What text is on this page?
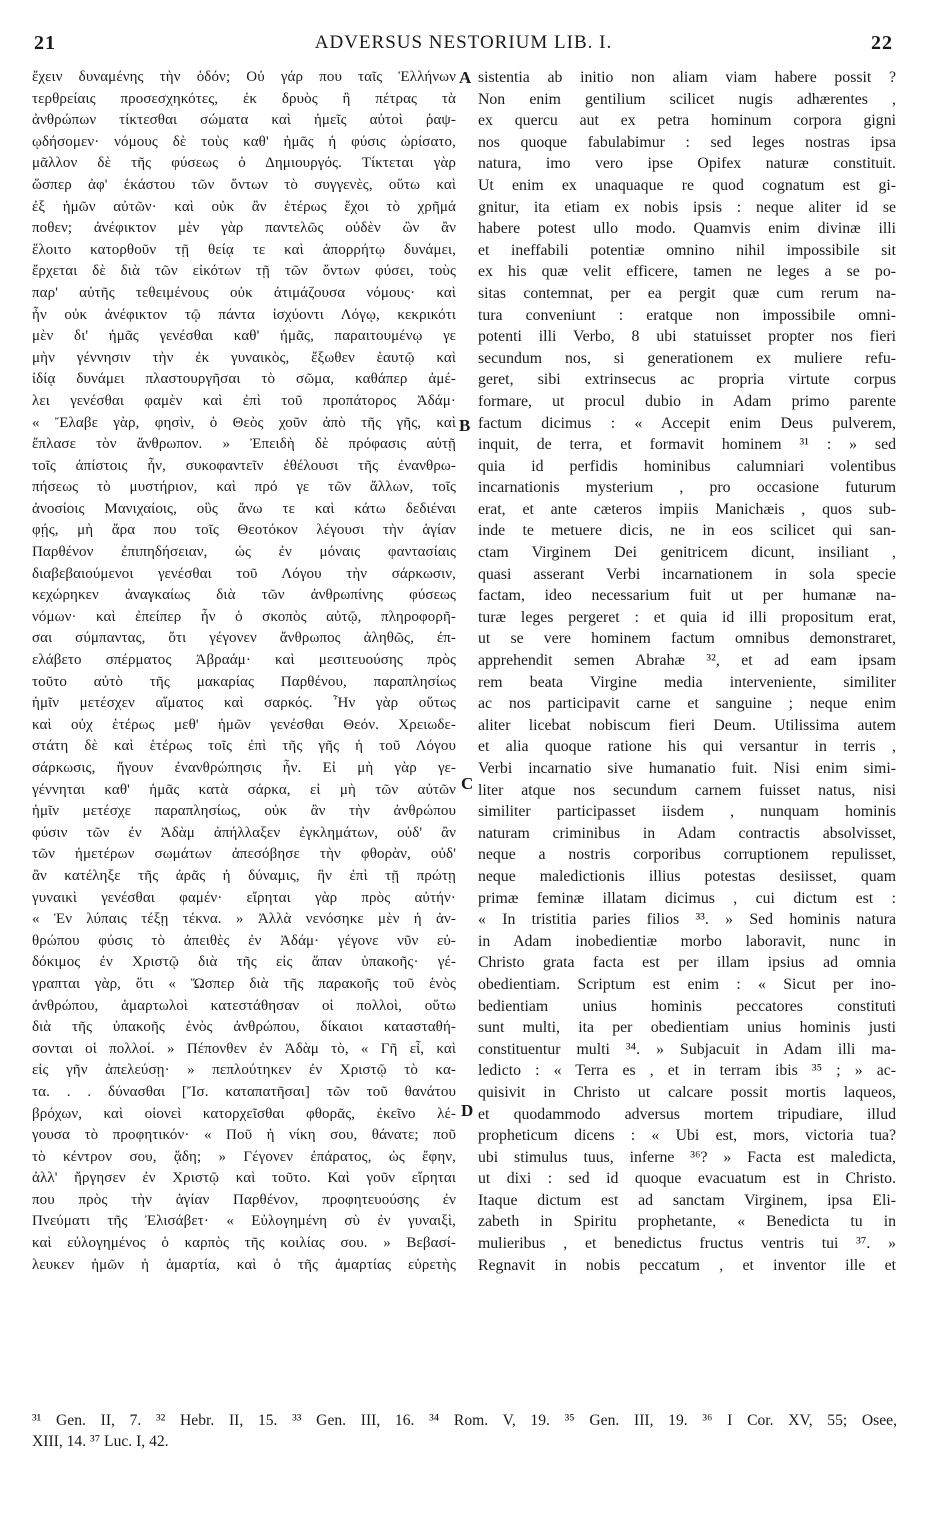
21	ADVERSUS NESTORIUM LIB. I.	22
ἔχειν δυναμένης τὴν ὁδόν; Οὐ γάρ που ταῖς Ἑλλήνων
τερθρείαις προσεσχηκότες, ἐκ δρυὸς ἢ πέτρας τὰ
ἀνθρώπων τίκτεσθαι σώματα καὶ ἡμεῖς αὐτοὶ ῥαψ-
ῳδήσομεν· νόμους δὲ τοὺς καθ' ἡμᾶς ἡ φύσις ὡρίσατο,
μᾶλλον δὲ τῆς φύσεως ὁ Δημιουργός. Τίκτεται γὰρ
ὥσπερ ἀφ' ἑκάστου τῶν ὄντων τὸ συγγενὲς, οὕτω καὶ
ἐξ ἡμῶν αὐτῶν· καὶ οὐκ ἂν ἑτέρως ἔχοι τὸ χρῆμά
ποθεν; ἀνέφικτον μὲν γὰρ παντελῶς οὐδὲν ὢν ἂν
ἕλοιτο κατορθοῦν τῇ θείᾳ τε καὶ ἀπορρήτῳ δυνάμει,
ἔρχεται δὲ διὰ τῶν εἰκότων τῇ τῶν ὄντων φύσει, τοὺς
παρ' αὐτῆς τεθειμένους οὐκ ἀτιμάζουσα νόμους· καὶ
ἦν οὐκ ἀνέφικτον τῷ πάντα ἰσχύοντι Λόγῳ, κεκρικότι
μὲν δι' ἡμᾶς γενέσθαι καθ' ἡμᾶς, παραιτουμένῳ γε
μὴν γέννησιν τὴν ἐκ γυναικὸς, ἔξωθεν ἑαυτῷ καὶ
ἰδίᾳ δυνάμει πλαστουργῆσαι τὸ σῶμα, καθάπερ ἀμέ-
λει γενέσθαι φαμὲν καὶ ἐπὶ τοῦ προπάτορος Ἀδάμ·
« Ἔλαβε γὰρ, φησὶν, ὁ Θεὸς χοῦν ἀπὸ τῆς γῆς, καὶ
ἔπλασε τὸν ἄνθρωπον. » Ἐπειδὴ δὲ πρόφασις αὐτῇ
τοῖς ἀπίστοις ἦν, συκοφαντεῖν ἐθέλουσι τῆς ἐνανθρω-
πήσεως τὸ μυστήριον, καὶ πρό γε τῶν ἄλλων, τοῖς
ἀνοσίοις Μανιχαίοις, οὓς ἄνω τε καὶ κάτω δεδιέναι
φῄς, μὴ ἄρα που τοῖς Θεοτόκον λέγουσι τὴν ἁγίαν
Παρθένον ἐπιπηδήσειαν, ὡς ἐν μόναις φαντασίαις
διαβεβαιούμενοι γενέσθαι τοῦ Λόγου τὴν σάρκωσιν,
κεχώρηκεν ἀναγκαίως διὰ τῶν ἀνθρωπίνης φύσεως
νόμων· καὶ ἐπείπερ ἦν ὁ σκοπὸς αὐτῷ, πληροφορῆ-
σαι σύμπαντας, ὅτι γέγονεν ἄνθρωπος ἀληθῶς, ἐπ-
ελάβετο σπέρματος Ἀβραάμ· καὶ μεσιτευούσης πρὸς
τοῦτο αὐτὸ τῆς μακαρίας Παρθένου, παραπλησίως
ἡμῖν μετέσχεν αἵματος καὶ σαρκός. Ἦν γὰρ οὕτως
καὶ οὐχ ἑτέρως μεθ' ἡμῶν γενέσθαι Θεόν. Χρειωδε-
στάτη δὲ καὶ ἑτέρως τοῖς ἐπὶ τῆς γῆς ἡ τοῦ Λόγου
σάρκωσις, ἤγουν ἐνανθρώπησις ἦν. Εἰ μὴ γὰρ γε-
γέννηται καθ' ἡμᾶς κατὰ σάρκα, εἰ μὴ τῶν αὐτῶν
ἡμῖν μετέσχε παραπλησίως, οὐκ ἂν τὴν ἀνθρώπου
φύσιν τῶν ἐν Ἀδὰμ ἀπήλλαξεν ἐγκλημάτων, οὐδ' ἂν
τῶν ἡμετέρων σωμάτων ἀπεσόβησε τὴν φθορὰν, οὐδ'
ἂν κατέληξε τῆς ἀρᾶς ἡ δύναμις, ἣν ἐπὶ τῇ πρώτῃ
γυναικὶ γενέσθαι φαμέν· εἴρηται γὰρ πρὸς αὐτήν·
« Ἐν λύπαις τέξῃ τέκνα. » Ἀλλὰ νενόσηκε μὲν ἡ ἀν-
θρώπου φύσις τὸ ἀπειθὲς ἐν Ἀδάμ· γέγονε νῦν εὐ-
δόκιμος ἐν Χριστῷ διὰ τῆς εἰς ἅπαν ὑπακοῆς· γέ-
γραπται γὰρ, ὅτι « Ὥσπερ διὰ τῆς παρακοῆς τοῦ ἑνὸς
ἀνθρώπου, ἁμαρτωλοὶ κατεστάθησαν οἱ πολλοὶ, οὕτω
διὰ τῆς ὑπακοῆς ἑνὸς ἀνθρώπου, δίκαιοι κατασταθή-
σονται οἱ πολλοί. » Πέπονθεν ἐν Ἀδὰμ τὸ, « Γῆ εἶ, καὶ
εἰς γῆν ἀπελεύσῃ· » πεπλούτηκεν ἐν Χριστῷ τὸ κα-
τα. . . δύνασθαι [Ἴσ. καταπατῆσαι] τῶν τοῦ θανάτου
βρόχων, καὶ οἱονεὶ κατορχεῖσθαι φθορᾶς, ἐκεῖνο λέ-
γουσα τὸ προφητικόν· « Ποῦ ἡ νίκη σου, θάνατε; ποῦ
τὸ κέντρον σου, ᾅδη; » Γέγονεν ἐπάρατος, ὡς ἔφην,
ἀλλ' ἤργησεν ἐν Χριστῷ καὶ τοῦτο. Καὶ γοῦν εἴρηται
που πρὸς τὴν ἁγίαν Παρθένον, προφητευούσης ἐν
Πνεύματι τῆς Ἐλισάβετ· « Εὐλογημένη σὺ ἐν γυναιξὶ,
καὶ εὐλογημένος ὁ καρπὸς τῆς κοιλίας σου. » Βεβασί-
λευκεν ἡμῶν ἡ ἁμαρτία, καὶ ὁ τῆς ἁμαρτίας εὑρετὴς
A
B
C
D
sistentia ab initio non aliam viam habere possit ?
Non enim gentilium scilicet nugis adhærentes ,
ex quercu aut ex petra hominum corpora gigni
nos quoque fabulabimur : sed leges nostras ipsa
natura, imo vero ipse Opifex naturæ constituit.
Ut enim ex unaquaque re quod cognatum est gi-
gnitur, ita etiam ex nobis ipsis : neque aliter id se
habere potest ullo modo. Quamvis enim divinæ illi
et ineffabili potentiæ omnino nihil impossibile sit
ex his quæ velit efficere, tamen ne leges a se po-
sitas contemnat, per ea pergit quæ cum rerum na-
tura conveniunt : eratque non impossibile omni-
potenti illi Verbo, 8 ubi statuisset propter nos fieri
secundum nos, si generationem ex muliere refu-
geret, sibi extrinsecus ac propria virtute corpus
formare, ut procul dubio in Adam primo parente
factum dicimus : « Accepit enim Deus pulverem,
inquit, de terra, et formavit hominem ³¹ : » sed
quia id perfidis hominibus calumniari volentibus
incarnationis mysterium , pro occasione futurum
erat, et ante cæteros impiis Manichæis , quos sub-
inde te metuere dicis, ne in eos scilicet qui san-
ctam Virginem Dei genitricem dicunt, insiliant ,
quasi asserant Verbi incarnationem in sola specie
factam, ideo necessarium fuit ut per humanæ na-
turæ leges pergeret : et quia id illi propositum erat,
ut se vere hominem factum omnibus demonstraret,
apprehendit semen Abrahæ ³², et ad eam ipsam
rem beata Virgine media interveniente, similiter
ac nos participavit carne et sanguine ; neque enim
aliter licebat nobiscum fieri Deum. Utilissima autem
et alia quoque ratione his qui versantur in terris ,
Verbi incarnatio sive humanatio fuit. Nisi enim simi-
liter atque nos secundum carnem fuisset natus, nisi
similiter participasset iisdem , nunquam hominis
naturam criminibus in Adam contractis absolvisset,
neque a nostris corporibus corruptionem repulisset,
neque maledictionis illius potestas desiisset, quam
primæ feminæ illatam dicimus , cui dictum est :
« In tristitia paries filios ³³. » Sed hominis natura
in Adam inobedientiæ morbo laboravit, nunc in
Christo grata facta est per illam ipsius ad omnia
obedientiam. Scriptum est enim : « Sicut per ino-
bedientiam unius hominis peccatores constituti
sunt multi, ita per obedientiam unius hominis justi
constituentur multi ³⁴. » Subjacuit in Adam illi ma-
ledicto : « Terra es , et in terram ibis ³⁵ ; » ac-
quisivit in Christo ut calcare possit mortis laqueos,
et quodammodo adversus mortem tripudiare, illud
propheticum dicens : « Ubi est, mors, victoria tua?
ubi stimulus tuus, inferne ³⁶? » Facta est maledicta,
ut dixi : sed id quoque evacuatum est in Christo.
Itaque dictum est ad sanctam Virginem, ipsa Eli-
zabeth in Spiritu prophetante, « Benedicta tu in
mulieribus , et benedictus fructus ventris tui ³⁷. »
Regnavit in nobis peccatum , et inventor ille et
³¹ Gen. II, 7. ³² Hebr. II, 15. ³³ Gen. III, 16. ³⁴ Rom. V, 19. ³⁵ Gen. III, 19. ³⁶ I Cor. XV, 55; Osee,
XIII, 14. ³⁷ Luc. I, 42.
